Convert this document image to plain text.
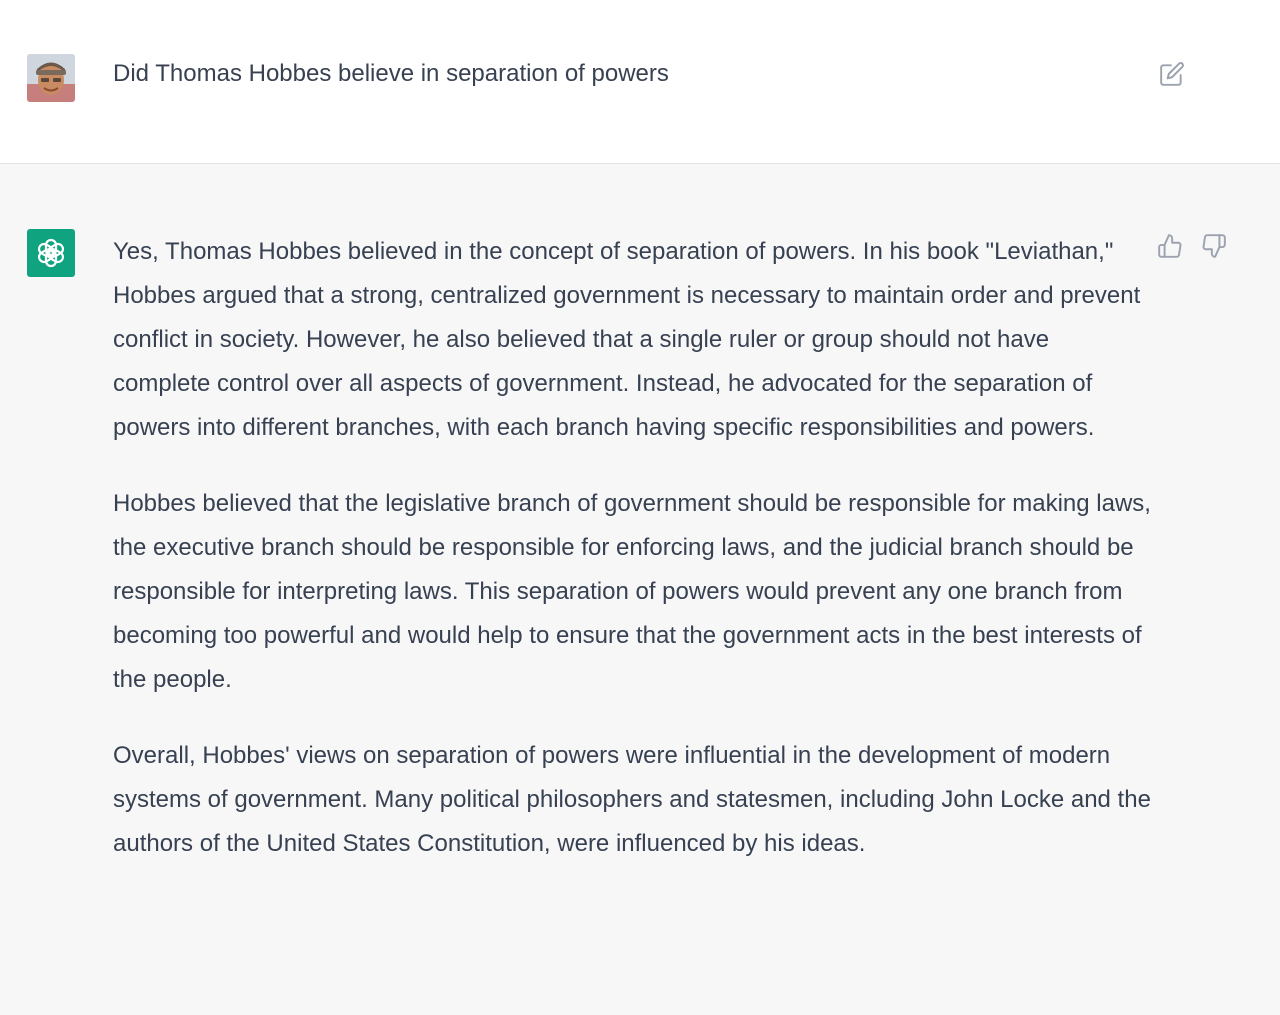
Did Thomas Hobbes believe in separation of powers

Yes, Thomas Hobbes believed in the concept of separation of powers. In his book "Leviathan," Hobbes argued that a strong, centralized government is necessary to maintain order and prevent conflict in society. However, he also believed that a single ruler or group should not have complete control over all aspects of government. Instead, he advocated for the separation of powers into different branches, with each branch having specific responsibilities and powers.

Hobbes believed that the legislative branch of government should be responsible for making laws, the executive branch should be responsible for enforcing laws, and the judicial branch should be responsible for interpreting laws. This separation of powers would prevent any one branch from becoming too powerful and would help to ensure that the government acts in the best interests of the people.

Overall, Hobbes' views on separation of powers were influential in the development of modern systems of government. Many political philosophers and statesmen, including John Locke and the authors of the United States Constitution, were influenced by his ideas.
